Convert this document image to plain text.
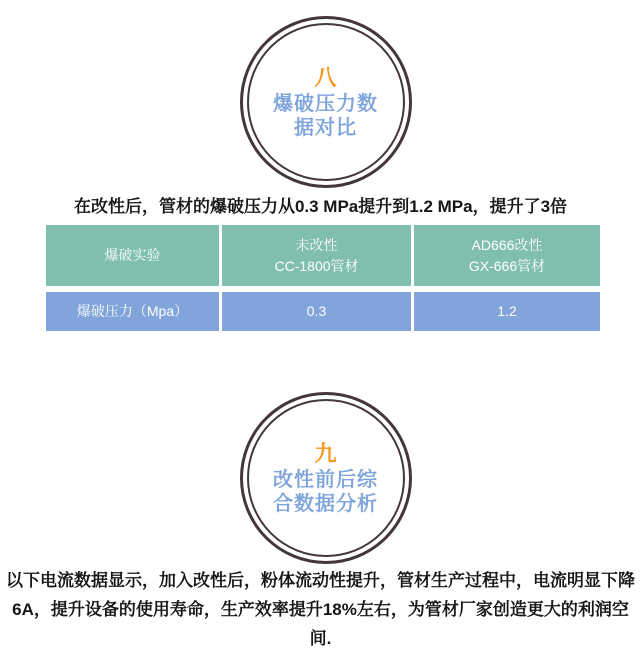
八
爆破压力数
据对比

在改性后，管材的爆破压力从0.3 MPa提升到1.2 MPa，提升了3倍

爆破实验
未改性
CC-1800管材
AD666改性
GX-666管材
爆破压力（Mpa）	0.3	1.2
九
改性前后综
合数据分析
以下电流数据显示，加入改性后，粉体流动性提升，管材生产过程中，电流明显下降
6A，提升设备的使用寿命，生产效率提升18%左右，为管材厂家创造更大的利润空
间.
